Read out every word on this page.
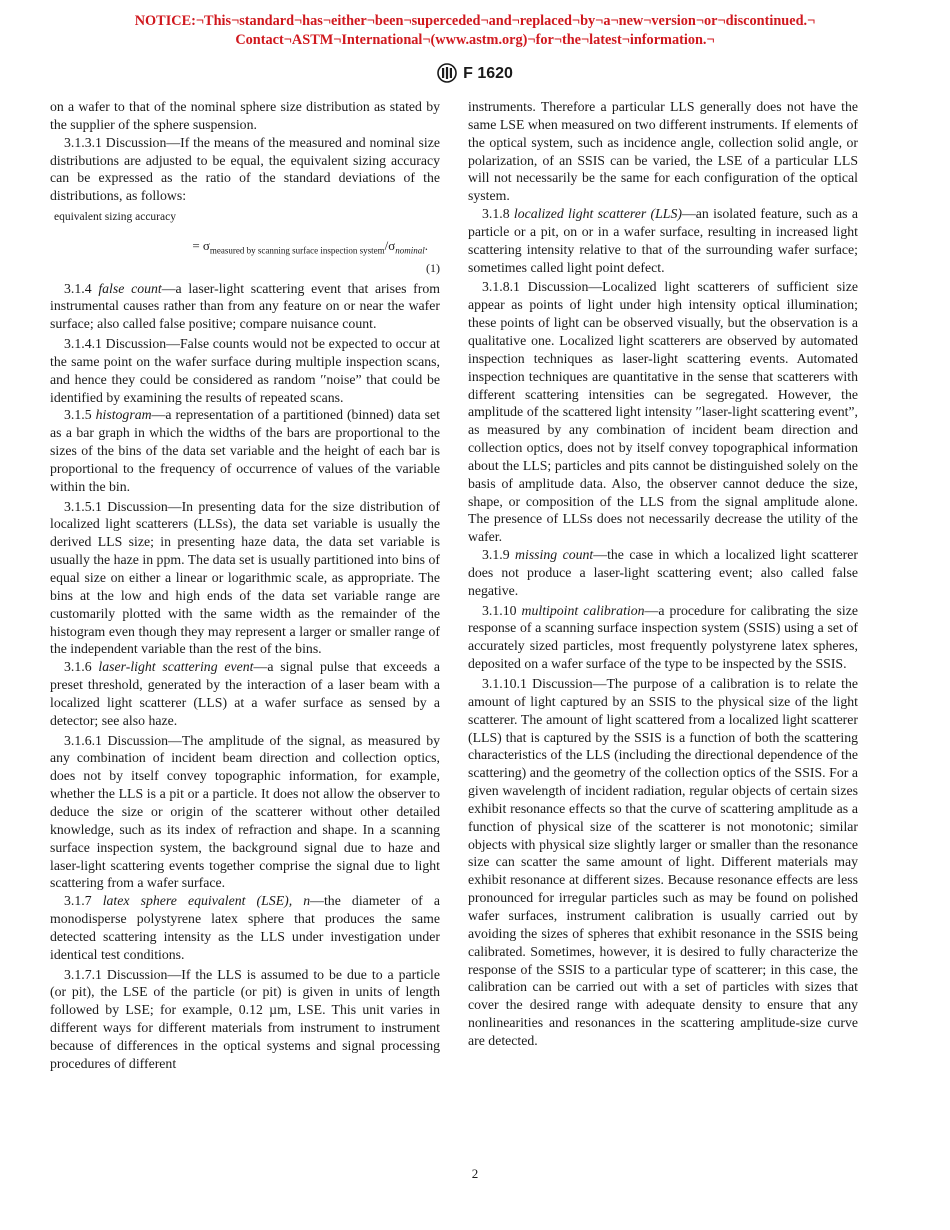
NOTICE:¬This¬standard¬has¬either¬been¬superceded¬and¬replaced¬by¬a¬new¬version¬or¬discontinued.¬
Contact¬ASTM¬International¬(www.astm.org)¬for¬the¬latest¬information.¬
F 1620

on a wafer to that of the nominal sphere size distribution as stated by the supplier of the sphere suspension.

3.1.3.1 Discussion—If the means of the measured and nominal size distributions are adjusted to be equal, the equivalent sizing accuracy can be expressed as the ratio of the standard deviations of the distributions, as follows:

equivalent sizing accuracy
= $\sigma_{measured by scanning surface inspection system}/\sigma_{nominal}$.
(1)

3.1.4 false count—a laser-light scattering event that arises from instrumental causes rather than from any feature on or near the wafer surface; also called false positive; compare nuisance count.

3.1.4.1 Discussion—False counts would not be expected to occur at the same point on the wafer surface during multiple inspection scans, and hence they could be considered as random ′′noise” that could be identified by examining the results of repeated scans.

3.1.5 histogram—a representation of a partitioned (binned) data set as a bar graph in which the widths of the bars are proportional to the sizes of the bins of the data set variable and the height of each bar is proportional to the frequency of occurrence of values of the variable within the bin.

3.1.5.1 Discussion—In presenting data for the size distribution of localized light scatterers (LLSs), the data set variable is usually the derived LLS size; in presenting haze data, the data set variable is usually the haze in ppm. The data set is usually partitioned into bins of equal size on either a linear or logarithmic scale, as appropriate. The bins at the low and high ends of the data set variable range are customarily plotted with the same width as the remainder of the histogram even though they may represent a larger or smaller range of the independent variable than the rest of the bins.

3.1.6 laser-light scattering event—a signal pulse that exceeds a preset threshold, generated by the interaction of a laser beam with a localized light scatterer (LLS) at a wafer surface as sensed by a detector; see also haze.

3.1.6.1 Discussion—The amplitude of the signal, as measured by any combination of incident beam direction and collection optics, does not by itself convey topographic information, for example, whether the LLS is a pit or a particle. It does not allow the observer to deduce the size or origin of the scatterer without other detailed knowledge, such as its index of refraction and shape. In a scanning surface inspection system, the background signal due to haze and laser-light scattering events together comprise the signal due to light scattering from a wafer surface.

3.1.7 latex sphere equivalent (LSE), n—the diameter of a monodisperse polystyrene latex sphere that produces the same detected scattering intensity as the LLS under investigation under identical test conditions.

3.1.7.1 Discussion—If the LLS is assumed to be due to a particle (or pit), the LSE of the particle (or pit) is given in units of length followed by LSE; for example, 0.12 µm, LSE. This unit varies in different ways for different materials from instrument to instrument because of differences in the optical systems and signal processing procedures of different

instruments. Therefore a particular LLS generally does not have the same LSE when measured on two different instruments. If elements of the optical system, such as incidence angle, collection solid angle, or polarization, of an SSIS can be varied, the LSE of a particular LLS will not necessarily be the same for each configuration of the optical system.

3.1.8 localized light scatterer (LLS)—an isolated feature, such as a particle or a pit, on or in a wafer surface, resulting in increased light scattering intensity relative to that of the surrounding wafer surface; sometimes called light point defect.

3.1.8.1 Discussion—Localized light scatterers of sufficient size appear as points of light under high intensity optical illumination; these points of light can be observed visually, but the observation is a qualitative one. Localized light scatterers are observed by automated inspection techniques as laser-light scattering events. Automated inspection techniques are quantitative in the sense that scatterers with different scattering intensities can be segregated. However, the amplitude of the scattered light intensity ′′laser-light scattering event”, as measured by any combination of incident beam direction and collection optics, does not by itself convey topographical information about the LLS; particles and pits cannot be distinguished solely on the basis of amplitude data. Also, the observer cannot deduce the size, shape, or composition of the LLS from the signal amplitude alone. The presence of LLSs does not necessarily decrease the utility of the wafer.

3.1.9 missing count—the case in which a localized light scatterer does not produce a laser-light scattering event; also called false negative.

3.1.10 multipoint calibration—a procedure for calibrating the size response of a scanning surface inspection system (SSIS) using a set of accurately sized particles, most frequently polystyrene latex spheres, deposited on a wafer surface of the type to be inspected by the SSIS.

3.1.10.1 Discussion—The purpose of a calibration is to relate the amount of light captured by an SSIS to the physical size of the light scatterer. The amount of light scattered from a localized light scatterer (LLS) that is captured by the SSIS is a function of both the scattering characteristics of the LLS (including the directional dependence of the scattering) and the geometry of the collection optics of the SSIS. For a given wavelength of incident radiation, regular objects of certain sizes exhibit resonance effects so that the curve of scattering amplitude as a function of physical size of the scatterer is not monotonic; similar objects with physical size slightly larger or smaller than the resonance size can scatter the same amount of light. Different materials may exhibit resonance at different sizes. Because resonance effects are less pronounced for irregular particles such as may be found on polished wafer surfaces, instrument calibration is usually carried out by avoiding the sizes of spheres that exhibit resonance in the SSIS being calibrated. Sometimes, however, it is desired to fully characterize the response of the SSIS to a particular type of scatterer; in this case, the calibration can be carried out with a set of particles with sizes that cover the desired range with adequate density to ensure that any nonlinearities and resonances in the scattering amplitude-size curve are detected.

2
